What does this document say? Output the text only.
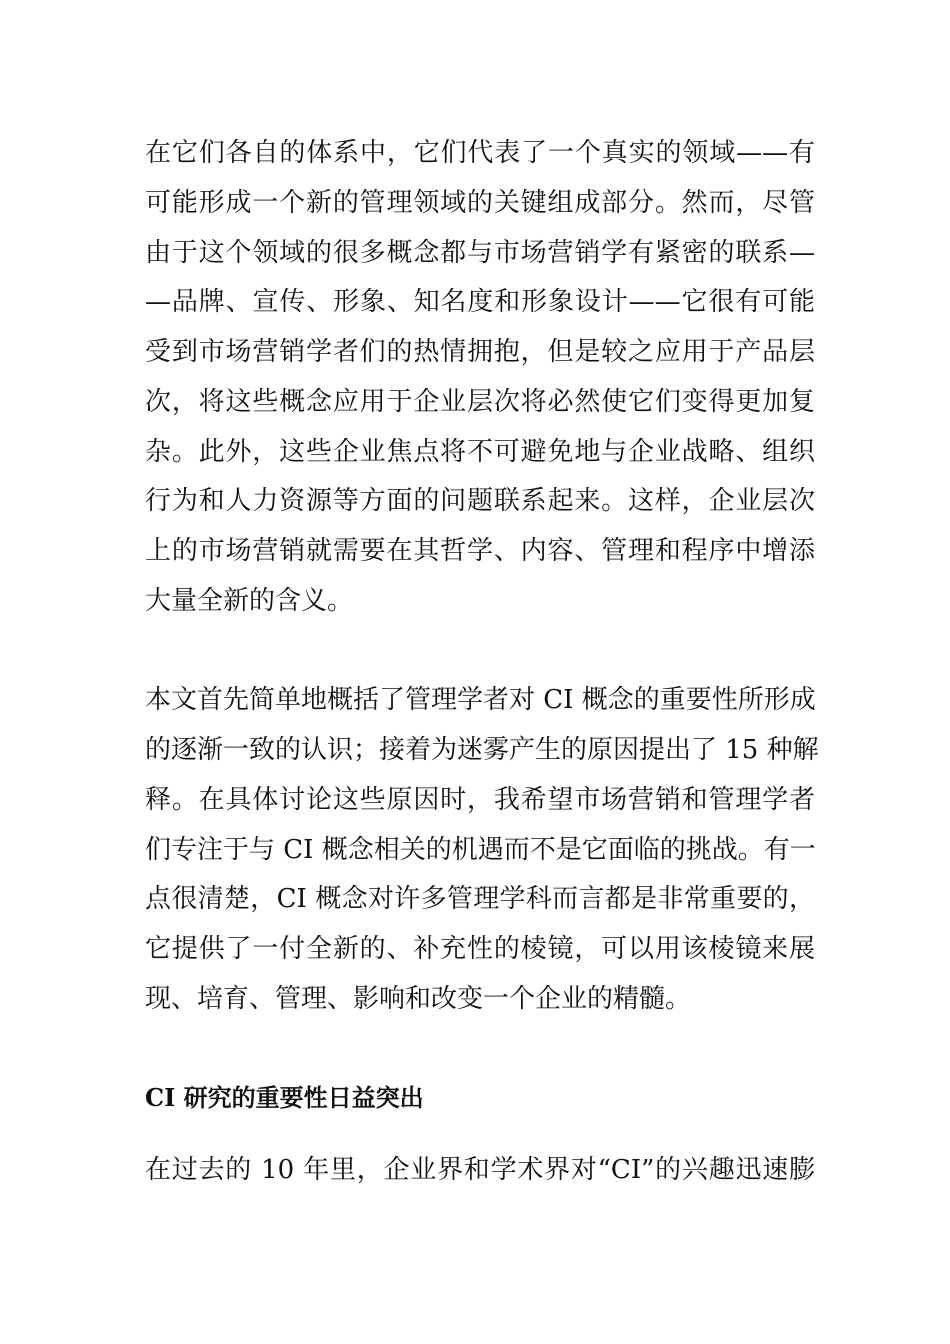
在它们各自的体系中，它们代表了一个真实的领域——有
可能形成一个新的管理领域的关键组成部分。然而，尽管
由于这个领域的很多概念都与市场营销学有紧密的联系—
—品牌、宣传、形象、知名度和形象设计——它很有可能
受到市场营销学者们的热情拥抱，但是较之应用于产品层
次，将这些概念应用于企业层次将必然使它们变得更加复
杂。此外，这些企业焦点将不可避免地与企业战略、组织
行为和人力资源等方面的问题联系起来。这样，企业层次
上的市场营销就需要在其哲学、内容、管理和程序中增添
大量全新的含义。
本文首先简单地概括了管理学者对 CI 概念的重要性所形成
的逐渐一致的认识；接着为迷雾产生的原因提出了 15 种解
释。在具体讨论这些原因时，我希望市场营销和管理学者
们专注于与 CI 概念相关的机遇而不是它面临的挑战。有一
点很清楚，CI 概念对许多管理学科而言都是非常重要的，
它提供了一付全新的、补充性的棱镜，可以用该棱镜来展
现、培育、管理、影响和改变一个企业的精髓。
CI 研究的重要性日益突出
在过去的 10 年里，企业界和学术界对“CI”的兴趣迅速膨
